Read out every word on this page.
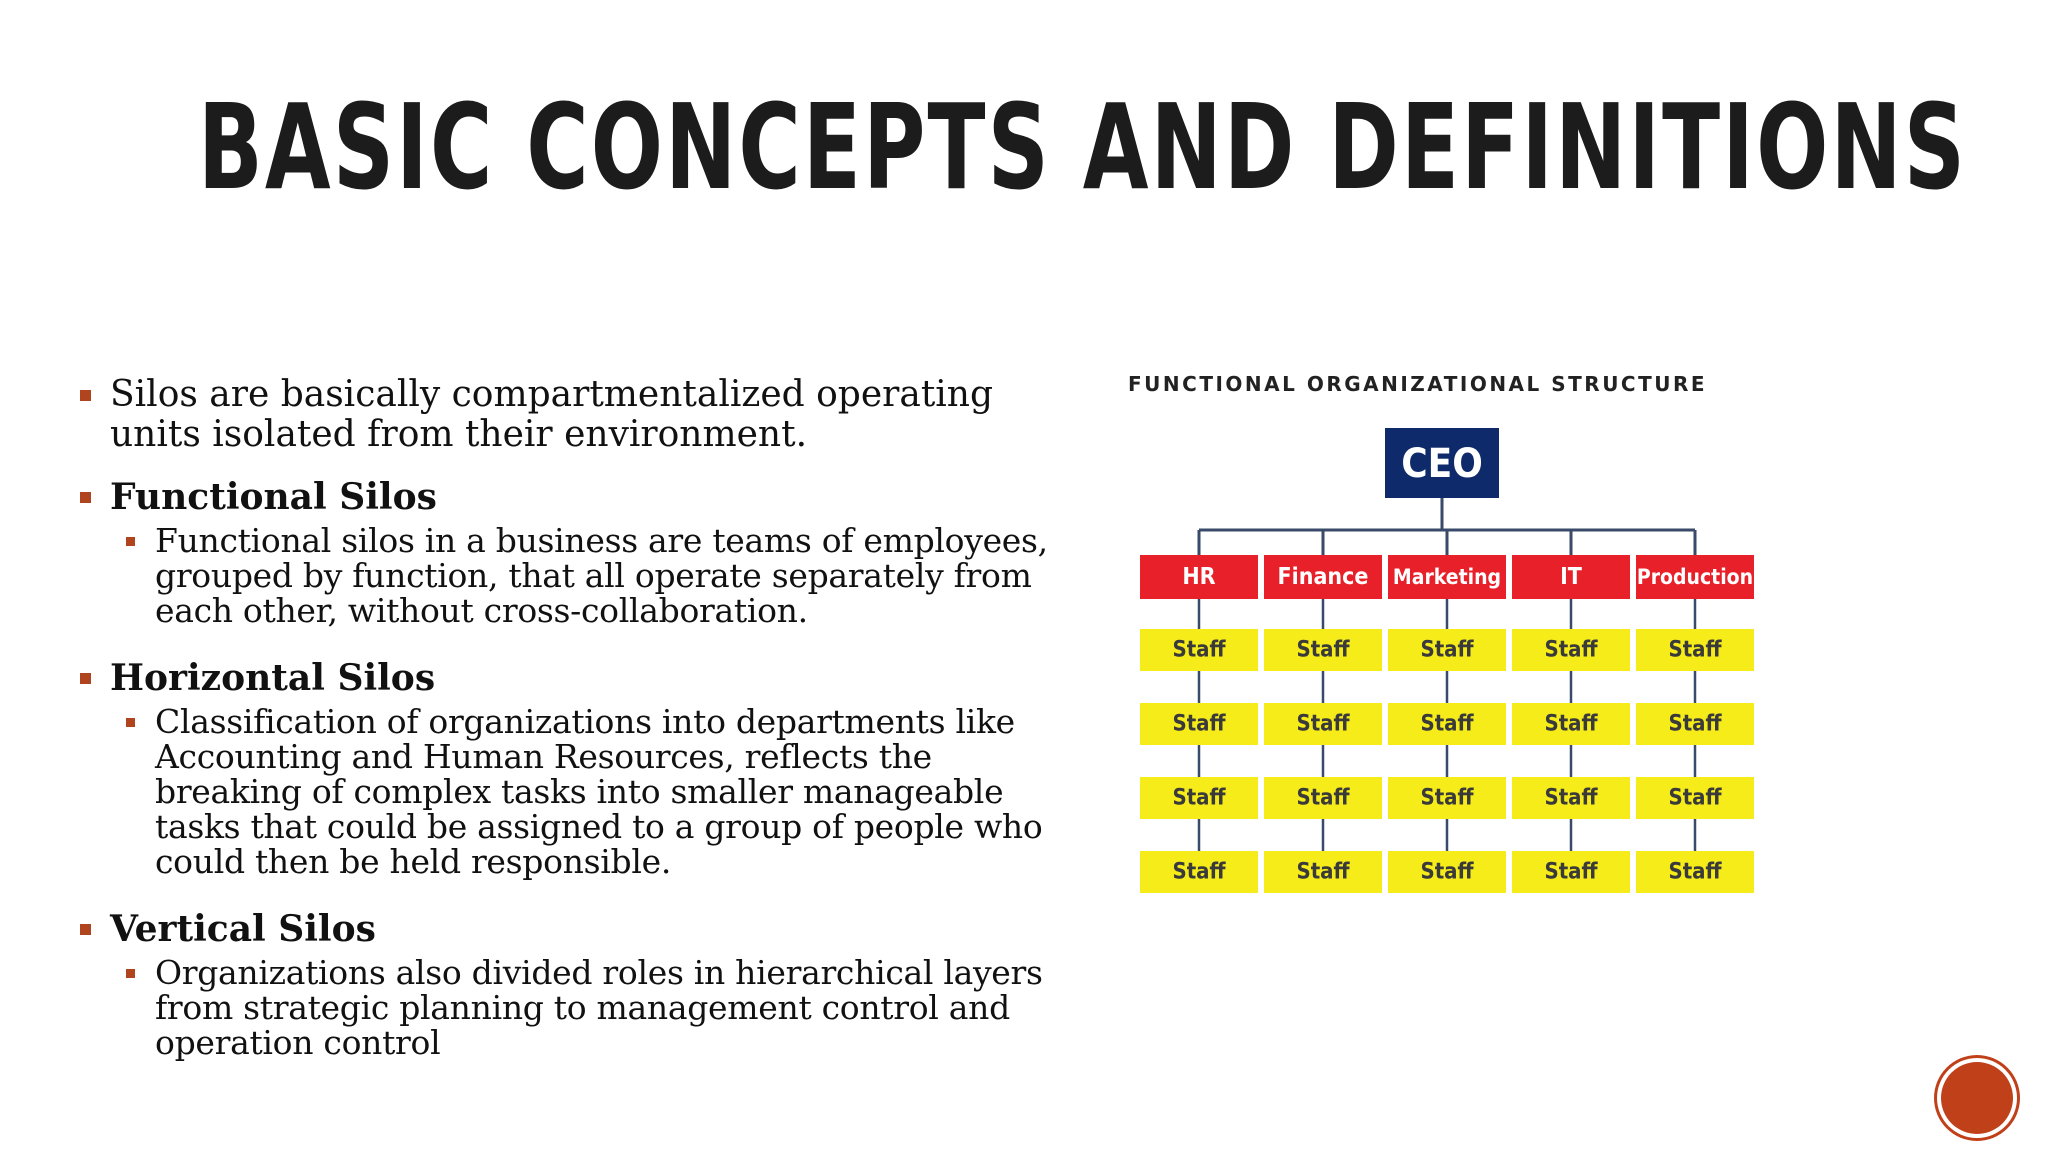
BASIC CONCEPTS AND DEFINITIONS
Silos are basically compartmentalized operating units isolated from their environment.
Functional Silos
Functional silos in a business are teams of employees, grouped by function, that all operate separately from each other, without cross-collaboration.
Horizontal Silos
Classification of organizations into departments like Accounting and Human Resources, reflects the breaking of complex tasks into smaller manageable tasks that could be assigned to a group of people who could then be held responsible.
Vertical Silos
Organizations also divided roles in hierarchical layers from strategic planning to management control and operation control
FUNCTIONAL ORGANIZATIONAL STRUCTURE
CEO
HR
Staff
Staff
Staff
Staff
Finance
Staff
Staff
Staff
Staff
Marketing
Staff
Staff
Staff
Staff
IT
Staff
Staff
Staff
Staff
Production
Staff
Staff
Staff
Staff
